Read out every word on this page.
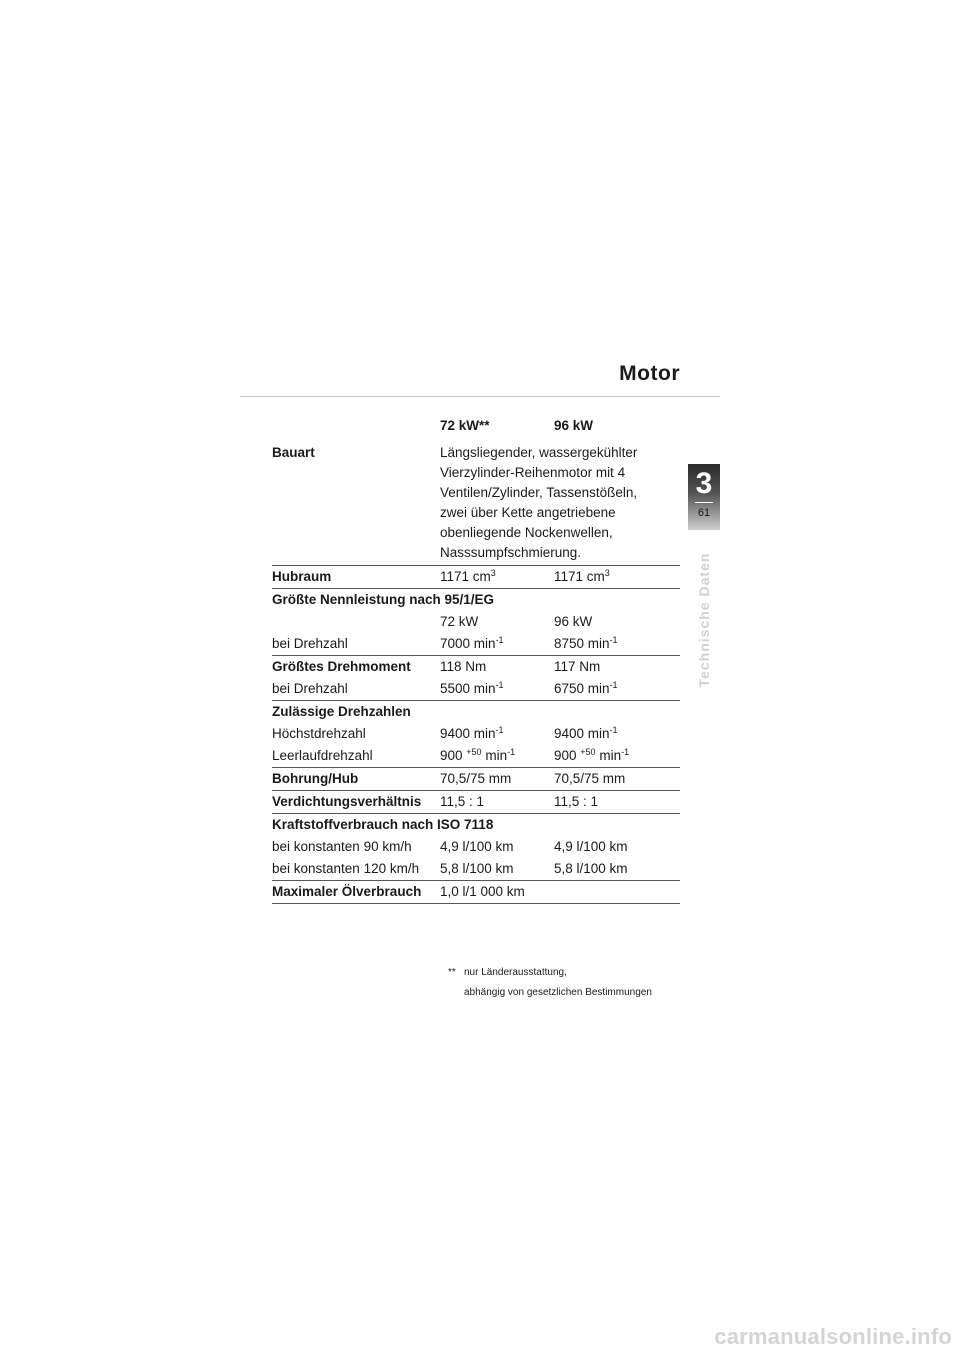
Motor
3
61
Technische Daten
72 kW**	96 kW
Bauart	Längsliegender, wassergekühlter
Vierzylinder-Reihenmotor mit 4
Ventilen/Zylinder, Tassenstößeln,
zwei über Kette angetriebene
obenliegende Nockenwellen,
Nasssumpfschmierung.
Hubraum	1171 $cm^3$	1171 $cm^3$
Größte Nennleistung nach 95/1/EG
72 kW	96 kW
bei Drehzahl	7000 $\min^{-1}$	8750 $\min^{-1}$
Größtes Drehmoment	118 Nm	117 Nm
bei Drehzahl	5500 $\min^{-1}$	6750 $\min^{-1}$
Zulässige Drehzahlen
Höchstdrehzahl	9400 $\min^{-1}$	9400 $\min^{-1}$
Leerlaufdrehzahl	900 $^{+50}$ $\min^{-1}$	900 $^{+50}$ $\min^{-1}$
Bohrung/Hub	70,5/75 mm	70,5/75 mm
Verdichtungsverhältnis	11,5 : 1	11,5 : 1
Kraftstoffverbrauch nach ISO 7118
bei konstanten 90 km/h	4,9 l/100 km	4,9 l/100 km
bei konstanten 120 km/h	5,8 l/100 km	5,8 l/100 km
Maximaler Ölverbrauch	1,0 l/1 000 km
** nur Länderausstattung,
abhängig von gesetzlichen Bestimmungen
carmanualsonline.info
